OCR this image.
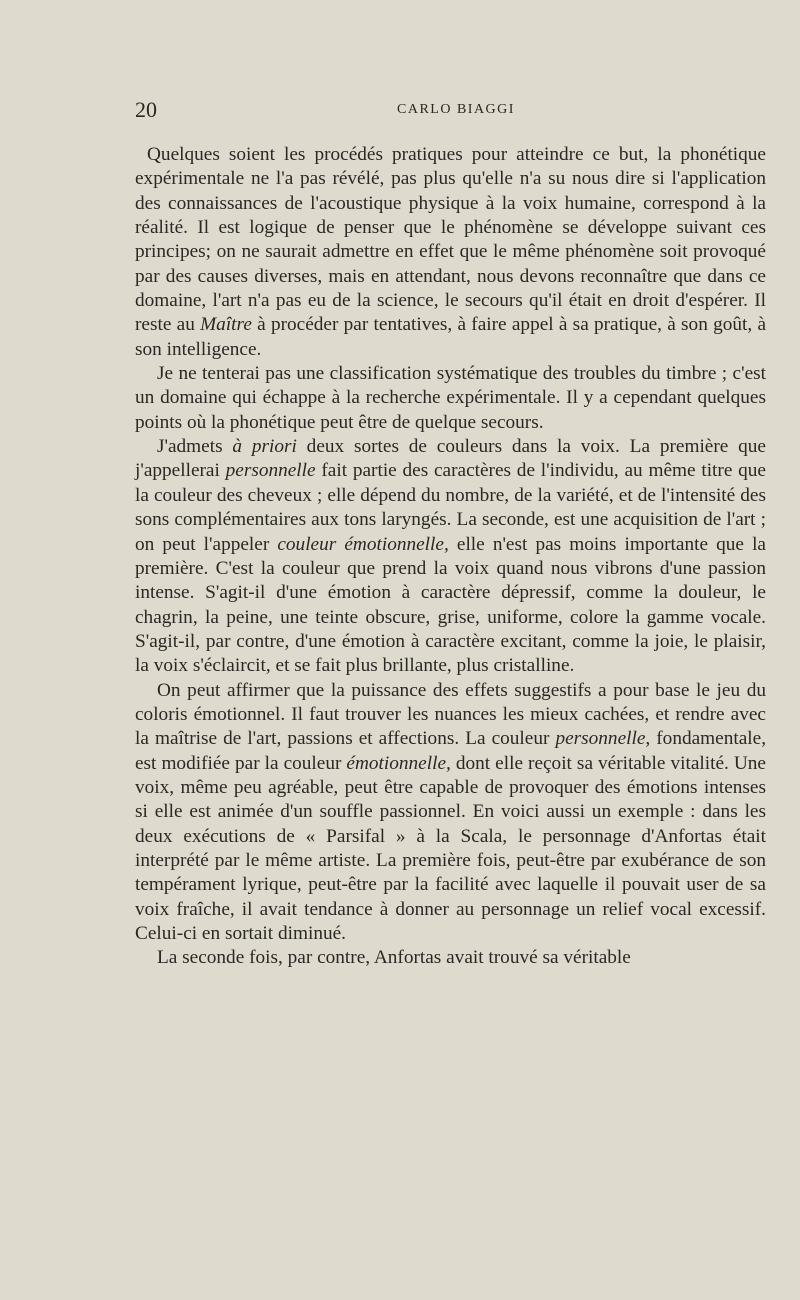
20	CARLO BIAGGI

Quelques soient les procédés pratiques pour atteindre ce but, la phonétique expérimentale ne l'a pas révélé, pas plus qu'elle n'a su nous dire si l'application des connaissances de l'acoustique physique à la voix humaine, correspond à la réalité. Il est logique de penser que le phénomène se développe suivant ces principes; on ne saurait admettre en effet que le même phénomène soit provoqué par des causes diverses, mais en attendant, nous devons reconnaître que dans ce domaine, l'art n'a pas eu de la science, le secours qu'il était en droit d'espérer. Il reste au Maître à procéder par tentatives, à faire appel à sa pratique, à son goût, à son intelligence.

Je ne tenterai pas une classification systématique des troubles du timbre ; c'est un domaine qui échappe à la recherche expérimentale. Il y a cependant quelques points où la phonétique peut être de quelque secours.

J'admets à priori deux sortes de couleurs dans la voix. La première que j'appellerai personnelle fait partie des caractères de l'individu, au même titre que la couleur des cheveux ; elle dépend du nombre, de la variété, et de l'intensité des sons complémentaires aux tons laryngés. La seconde, est une acquisition de l'art ; on peut l'appeler couleur émotionnelle, elle n'est pas moins importante que la première. C'est la couleur que prend la voix quand nous vibrons d'une passion intense. S'agit-il d'une émotion à caractère dépressif, comme la douleur, le chagrin, la peine, une teinte obscure, grise, uniforme, colore la gamme vocale. S'agit-il, par contre, d'une émotion à caractère excitant, comme la joie, le plaisir, la voix s'éclaircit, et se fait plus brillante, plus cristalline.

On peut affirmer que la puissance des effets suggestifs a pour base le jeu du coloris émotionnel. Il faut trouver les nuances les mieux cachées, et rendre avec la maîtrise de l'art, passions et affections. La couleur personnelle, fondamentale, est modifiée par la couleur émotionnelle, dont elle reçoit sa véritable vitalité. Une voix, même peu agréable, peut être capable de provoquer des émotions intenses si elle est animée d'un souffle passionnel. En voici aussi un exemple : dans les deux exécutions de « Parsifal » à la Scala, le personnage d'Anfortas était interprété par le même artiste. La première fois, peut-être par exubérance de son tempérament lyrique, peut-être par la facilité avec laquelle il pouvait user de sa voix fraîche, il avait tendance à donner au personnage un relief vocal excessif. Celui-ci en sortait diminué.

La seconde fois, par contre, Anfortas avait trouvé sa véritable
